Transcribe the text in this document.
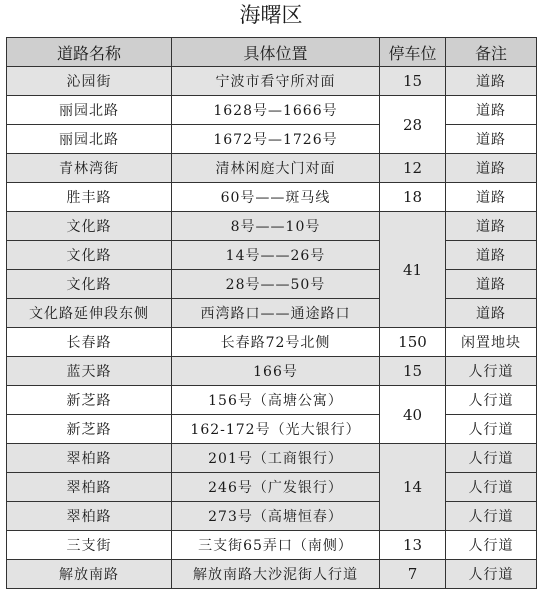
海曙区
道路名称	具体位置	停车位	备注
沁园街	宁波市看守所对面	15	道路
丽园北路	1628号—1666号	28	道路
丽园北路	1672号—1726号		道路
青林湾街	清林闲庭大门对面	12	道路
胜丰路	60号——斑马线	18	道路
文化路	8号——10号	41	道路
文化路	14号——26号		道路
文化路	28号——50号		道路
文化路延伸段东侧	西湾路口——通途路口		道路
长春路	长春路72号北侧	150	闲置地块
蓝天路	166号	15	人行道
新芝路	156号（高塘公寓）	40	人行道
新芝路	162-172号（光大银行）		人行道
翠柏路	201号（工商银行）	14	人行道
翠柏路	246号（广发银行）		人行道
翠柏路	273号（高塘恒春）		人行道
三支街	三支街65弄口（南侧）	13	人行道
解放南路	解放南路大沙泥街人行道	7	人行道
